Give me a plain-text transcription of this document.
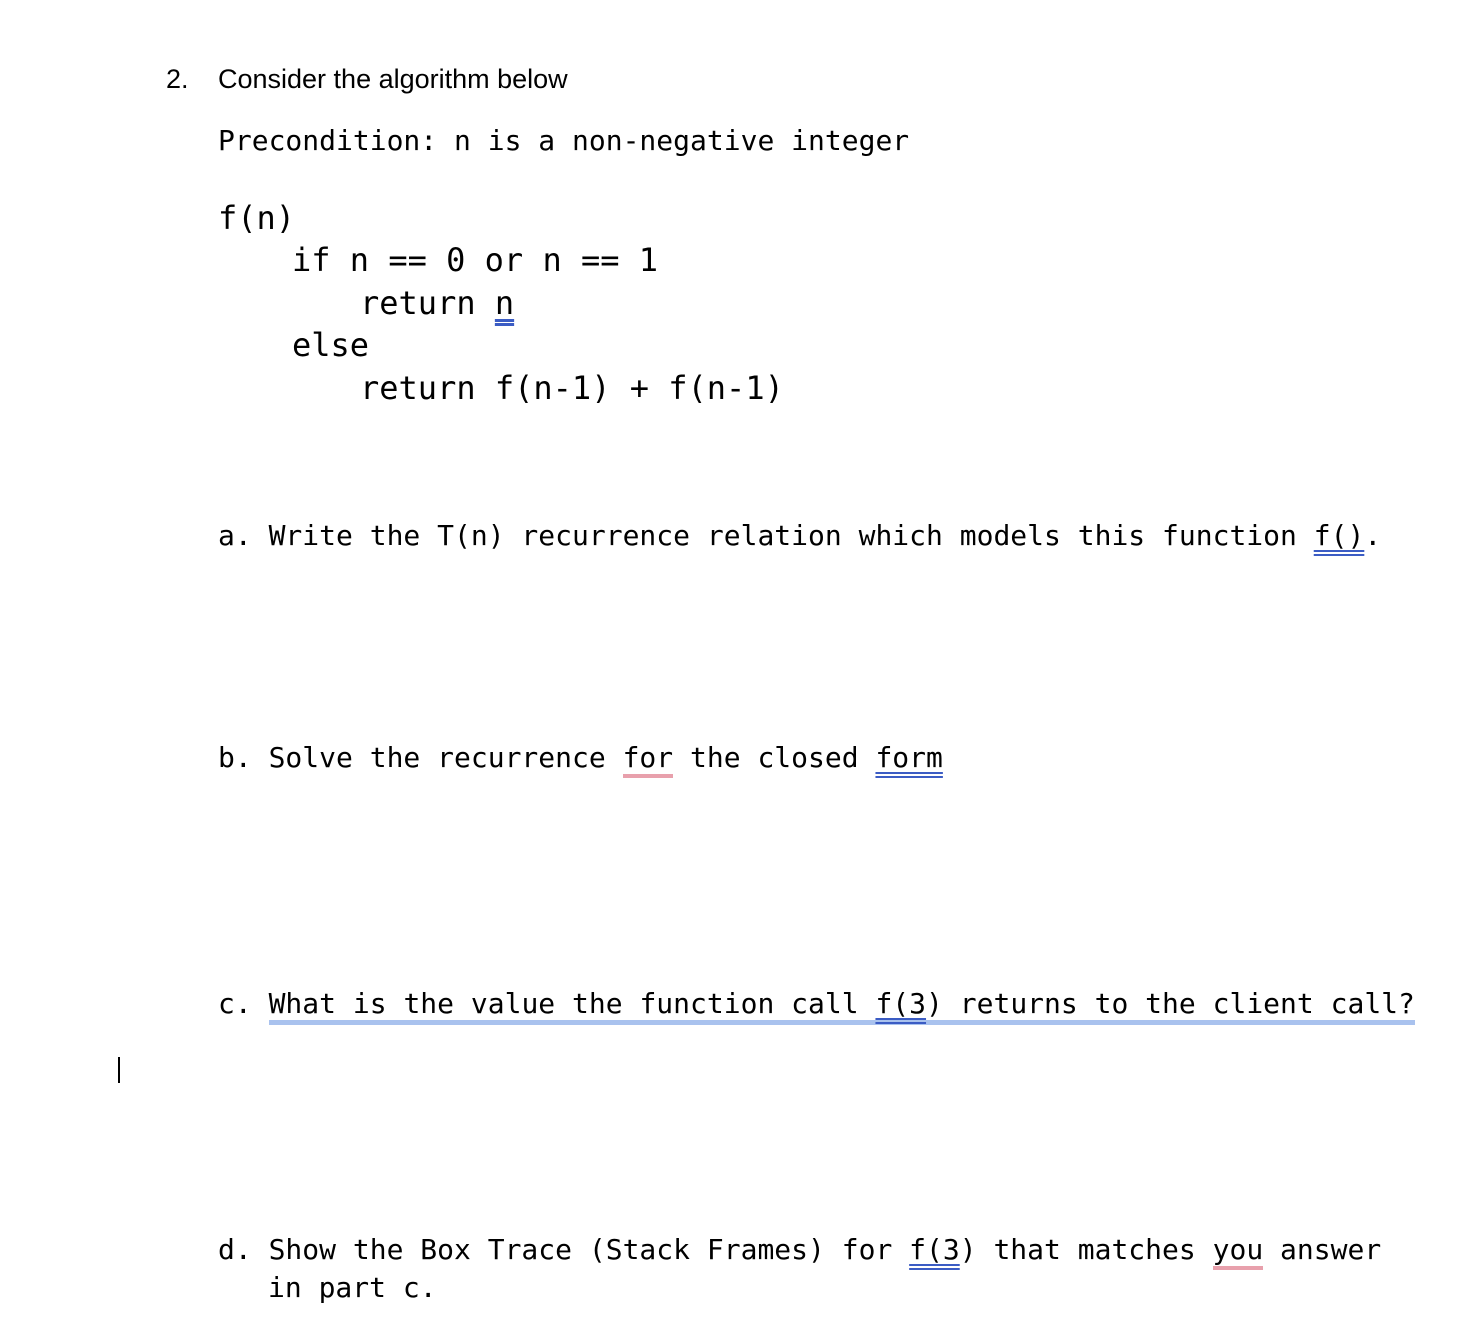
2. Consider the algorithm below
Precondition: n is a non-negative integer
f(n)
if n == 0 or n == 1
return n
else
return f(n-1) + f(n-1)
a. Write the T(n) recurrence relation which models this function f().
b. Solve the recurrence for the closed form
c. What is the value the function call f(3) returns to the client call?
d. Show the Box Trace (Stack Frames) for f(3) that matches you answer
in part c.
